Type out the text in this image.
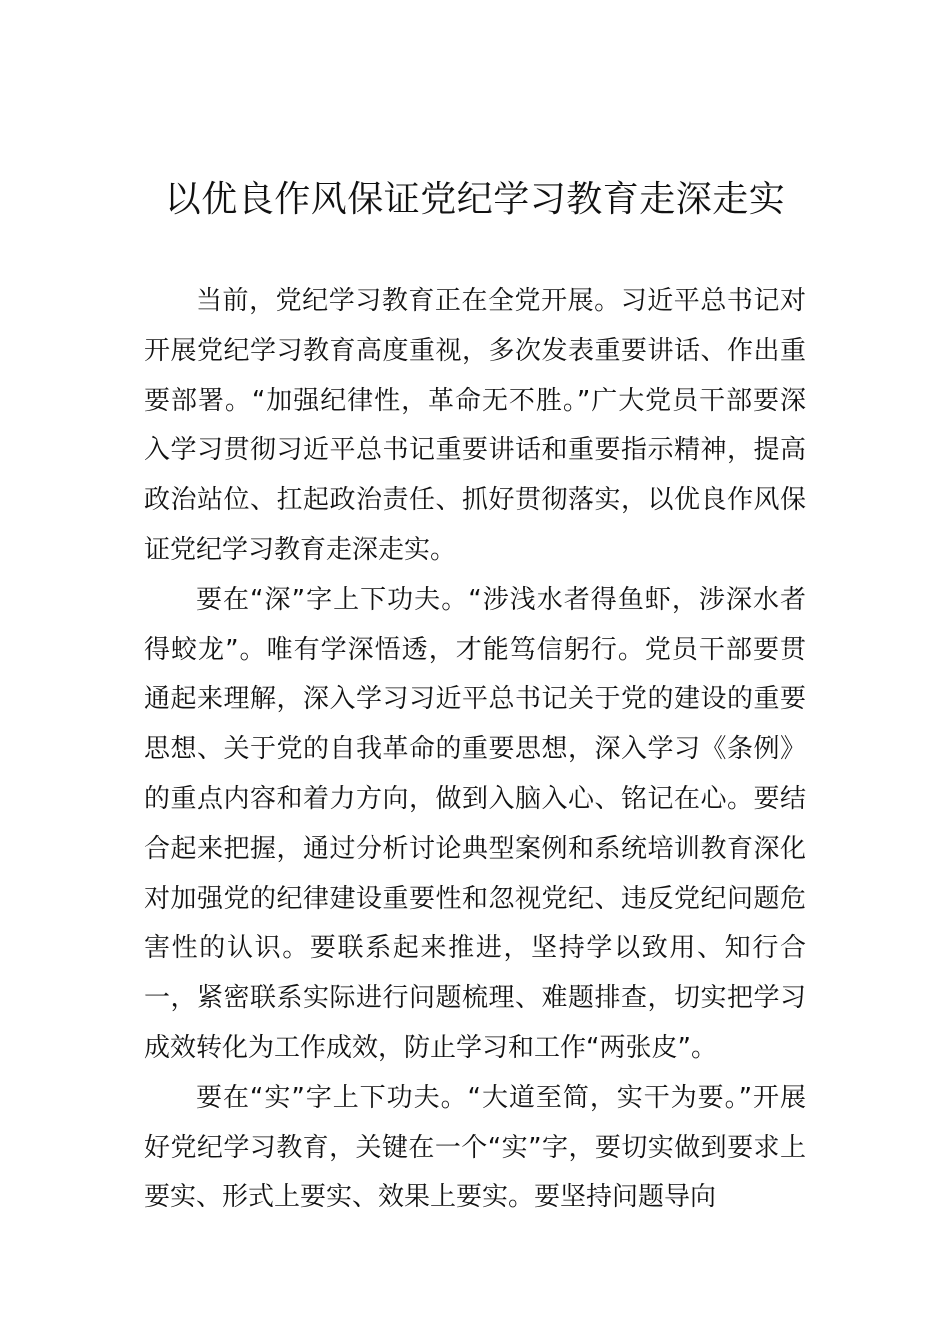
以优良作风保证党纪学习教育走深走实

当前，党纪学习教育正在全党开展。习近平总书记对开展党纪学习教育高度重视，多次发表重要讲话、作出重要部署。“加强纪律性，革命无不胜。”广大党员干部要深入学习贯彻习近平总书记重要讲话和重要指示精神，提高政治站位、扛起政治责任、抓好贯彻落实，以优良作风保证党纪学习教育走深走实。

要在“深”字上下功夫。“涉浅水者得鱼虾，涉深水者得蛟龙”。唯有学深悟透，才能笃信躬行。党员干部要贯通起来理解，深入学习习近平总书记关于党的建设的重要思想、关于党的自我革命的重要思想，深入学习《条例》的重点内容和着力方向，做到入脑入心、铭记在心。要结合起来把握，通过分析讨论典型案例和系统培训教育深化对加强党的纪律建设重要性和忽视党纪、违反党纪问题危害性的认识。要联系起来推进，坚持学以致用、知行合一，紧密联系实际进行问题梳理、难题排查，切实把学习成效转化为工作成效，防止学习和工作“两张皮”。

要在“实”字上下功夫。“大道至简，实干为要。”开展好党纪学习教育，关键在一个“实”字，要切实做到要求上要实、形式上要实、效果上要实。要坚持问题导向
